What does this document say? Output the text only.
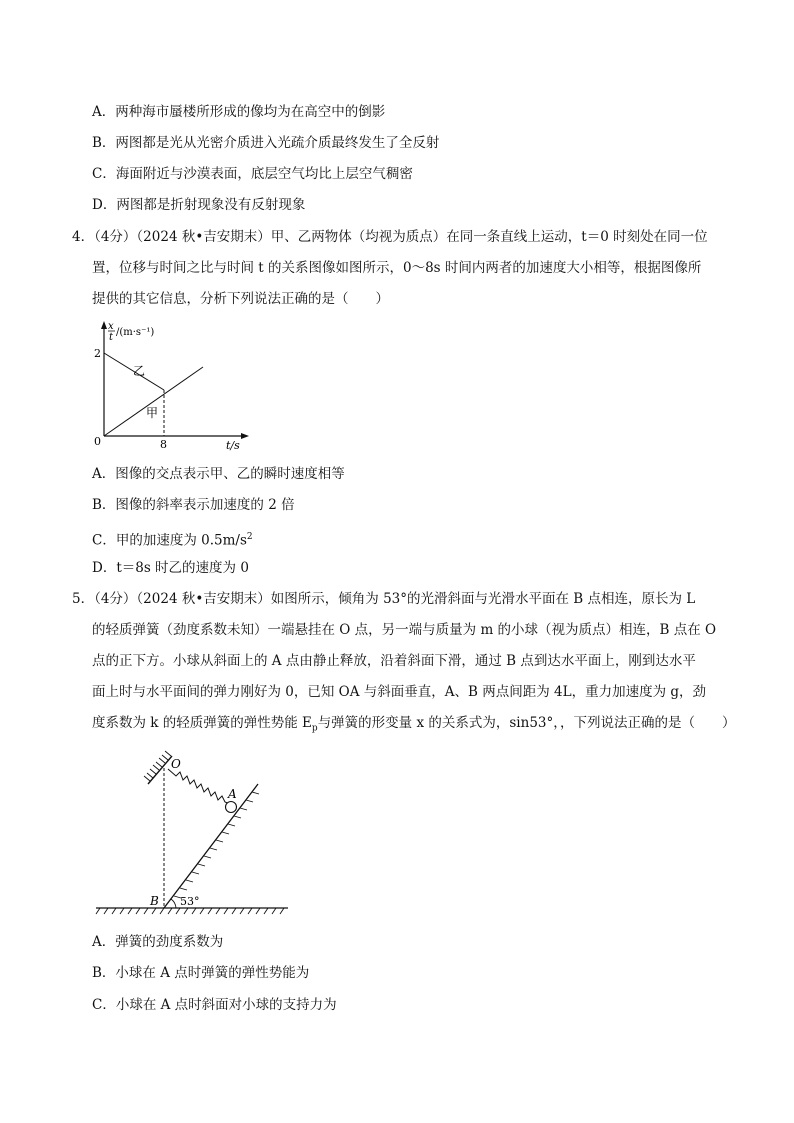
A．两种海市蜃楼所形成的像均为在高空中的倒影
B．两图都是光从光密介质进入光疏介质最终发生了全反射
C．海面附近与沙漠表面，底层空气均比上层空气稠密
D．两图都是折射现象没有反射现象
4．（4分）（2024 秋•吉安期末）甲、乙两物体（均视为质点）在同一条直线上运动，t＝0 时刻处在同一位
置，位移与时间之比与时间 t 的关系图像如图所示，0～8s 时间内两者的加速度大小相等，根据图像所
提供的其它信息，分析下列说法正确的是（　　）
x
t /(m·s⁻¹)
2
0	8	t/s
乙
甲
A．图像的交点表示甲、乙的瞬时速度相等
B．图像的斜率表示加速度的 2 倍
C．甲的加速度为 $0.5m/s^2$
D．t＝8s 时乙的速度为 0
5．（4分）（2024 秋•吉安期末）如图所示，倾角为 53°的光滑斜面与光滑水平面在 B 点相连，原长为 L
的轻质弹簧（劲度系数未知）一端悬挂在 O 点，另一端与质量为 m 的小球（视为质点）相连，B 点在 O
点的正下方。小球从斜面上的 A 点由静止释放，沿着斜面下滑，通过 B 点到达水平面上，刚到达水平
面上时与水平面间的弹力刚好为 0，已知 OA 与斜面垂直，A、B 两点间距为 4L，重力加速度为 g，劲
度系数为 k 的轻质弹簧的弹性势能 $E_p$与弹簧的形变量 x 的关系式为，sin53°，，下列说法正确的是（　　）
O
A
B 53°
A．弹簧的劲度系数为
B．小球在 A 点时弹簧的弹性势能为
C．小球在 A 点时斜面对小球的支持力为
